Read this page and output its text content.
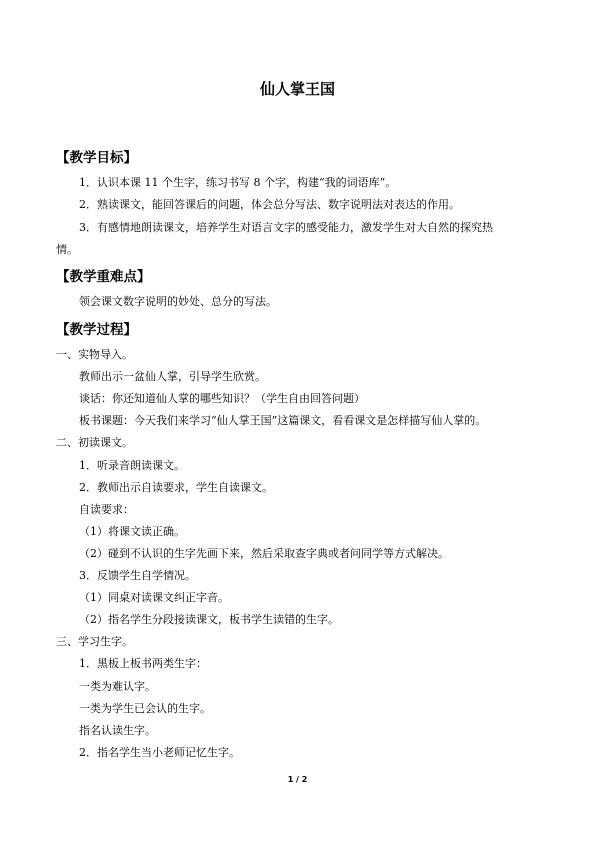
仙人掌王国
【教学目标】
1．认识本课 11 个生字，练习书写 8 个字，构建“我的词语库”。
2．熟读课文，能回答课后的问题，体会总分写法、数字说明法对表达的作用。
3．有感情地朗读课文，培养学生对语言文字的感受能力，激发学生对大自然的探究热
情。
【教学重难点】
领会课文数字说明的妙处、总分的写法。
【教学过程】
一、实物导入。
教师出示一盆仙人掌，引导学生欣赏。
谈话：你还知道仙人掌的哪些知识？（学生自由回答问题）
板书课题：今天我们来学习“仙人掌王国”这篇课文，看看课文是怎样描写仙人掌的。
二、初读课文。
1．听录音朗读课文。
2．教师出示自读要求，学生自读课文。
自读要求：
（1）将课文读正确。
（2）碰到不认识的生字先画下来，然后采取查字典或者问同学等方式解决。
3．反馈学生自学情况。
（1）同桌对读课文纠正字音。
（2）指名学生分段接读课文，板书学生读错的生字。
三、学习生字。
1．黑板上板书两类生字：
一类为难认字。
一类为学生已会认的生字。
指名认读生字。
2．指名学生当小老师记忆生字。
1 / 2
